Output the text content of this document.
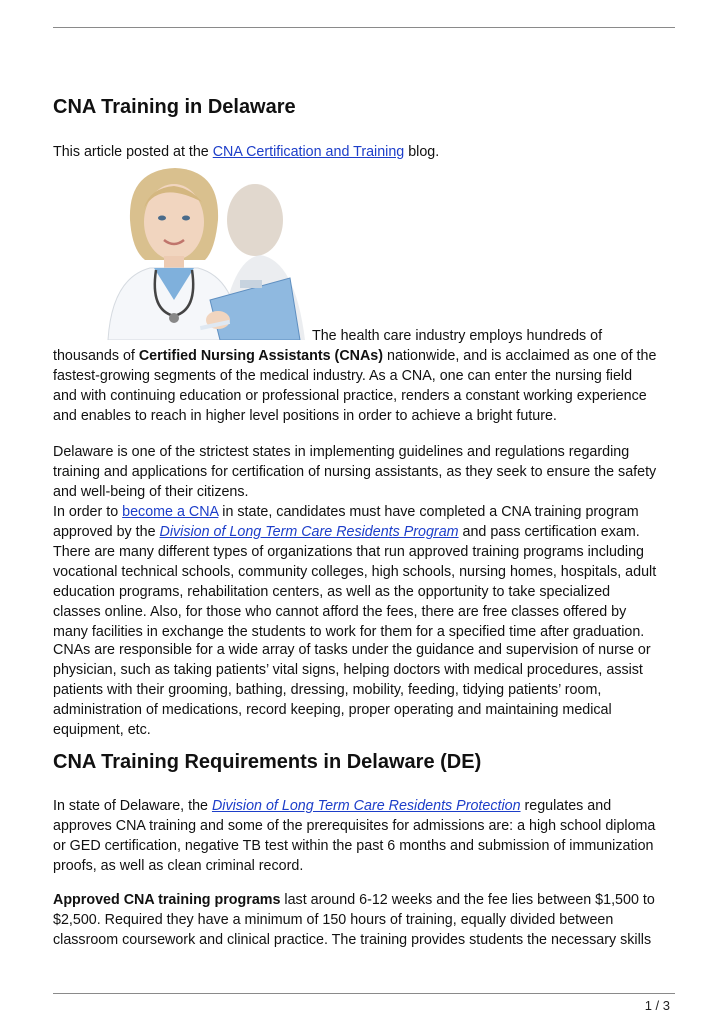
CNA Training in Delaware

This article posted at the CNA Certification and Training blog.

The health care industry employs hundreds of

thousands of Certified Nursing Assistants (CNAs) nationwide, and is acclaimed as one of the

fastest-growing segments of the medical industry. As a CNA, one can enter the nursing field

and with continuing education or professional practice, renders a constant working experience

and enables to reach in higher level positions in order to achieve a bright future.

Delaware is one of the strictest states in implementing guidelines and regulations regarding

training and applications for certification of nursing assistants, as they seek to ensure the safety

and well-being of their citizens.

In order to become a CNA in state, candidates must have completed a CNA training program

approved by the Division of Long Term Care Residents Program and pass certification exam.

There are many different types of organizations that run approved training programs including

vocational technical schools, community colleges, high schools, nursing homes, hospitals, adult

education programs, rehabilitation centers, as well as the opportunity to take specialized

classes online. Also, for those who cannot afford the fees, there are free classes offered by

many facilities in exchange the students to work for them for a specified time after graduation.

CNAs are responsible for a wide array of tasks under the guidance and supervision of nurse or

physician, such as taking patients’ vital signs, helping doctors with medical procedures, assist

patients with their grooming, bathing, dressing, mobility, feeding, tidying patients’ room,

administration of medications, record keeping, proper operating and maintaining medical

equipment, etc.

CNA Training Requirements in Delaware (DE)

In state of Delaware, the Division of Long Term Care Residents Protection regulates and

approves CNA training and some of the prerequisites for admissions are: a high school diploma

or GED certification, negative TB test within the past 6 months and submission of immunization

proofs, as well as clean criminal record.

Approved CNA training programs last around 6-12 weeks and the fee lies between $1,500 to

$2,500. Required they have a minimum of 150 hours of training, equally divided between

classroom coursework and clinical practice. The training provides students the necessary skills

1 / 3
